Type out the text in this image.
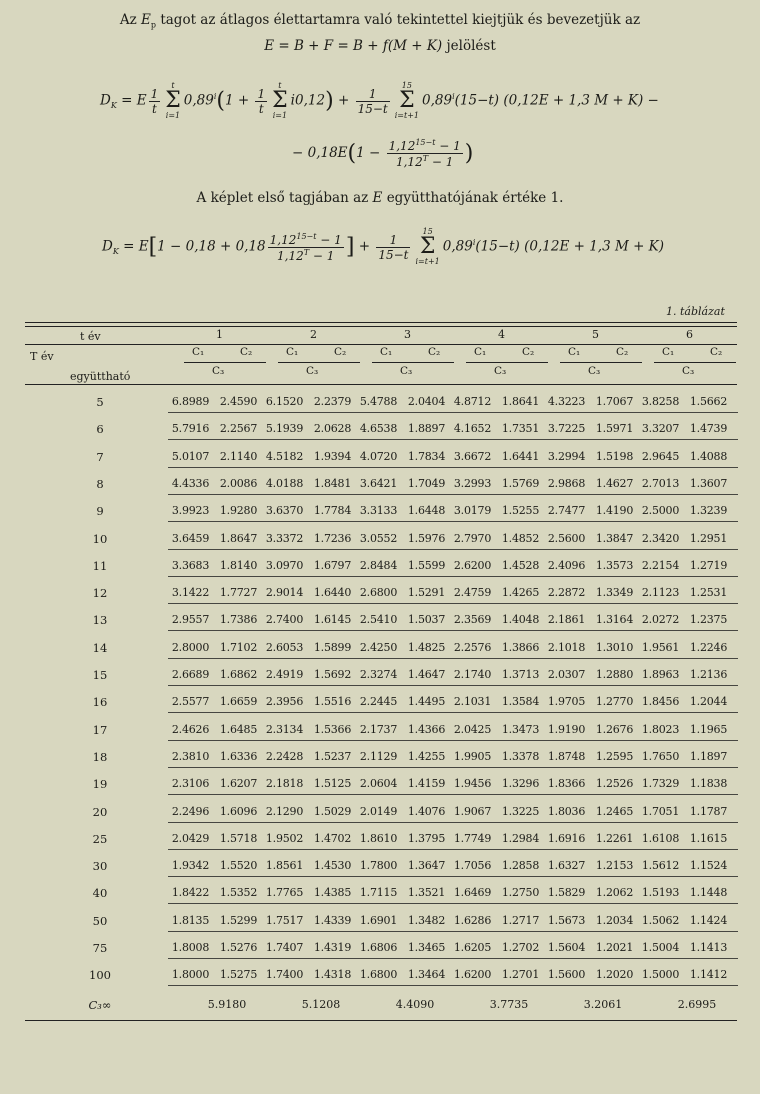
Az $E_p$ tagot az átlagos élettartamra való tekintettel kiejtjük és bevezetjük az
E = B + F = B + f(M + K) jelölést
$D_K = E \frac{1}{t}$
t
Σ
i=1
$0,89^i(1 + \frac{1}{t}$
t
Σ
i=1
$i0,12) + \frac{1}{15-t}$
15
Σ
i=t+1
$0,89^i(15-t) (0,12E + 1,3$ M + K) −
− $0,18E(1 - \frac{1,12^{15-t} - 1}{1,12^T - 1}$ )
A képlet első tagjában az E együtthatójának értéke 1.
$D_K = E[1 - 0,18 + 0,18 \frac{1,12^{15-t} - 1}{1,12^T - 1}$ ] + $\frac{1}{15-t}$
15
Σ
i=t+1
$0,89^i(15-t) (0,12E + 1,3$ M + K)
1. táblázat
t év
T év
együttható
1	2	3	4	5	6
C₁	C₂
C₃
C₁	C₂
C₃
C₁	C₂
C₃
C₁	C₂
C₃
C₁	C₂
C₃
C₁	C₂
C₃
5	6.8989 2.4590 6.1520 2.2379 5.4788 2.0404 4.8712 1.8641 4.3223 1.7067 3.8258 1.5662
6	5.7916 2.2567 5.1939 2.0628 4.6538 1.8897 4.1652 1.7351 3.7225 1.5971 3.3207 1.4739
7	5.0107 2.1140 4.5182 1.9394 4.0720 1.7834 3.6672 1.6441 3.2994 1.5198 2.9645 1.4088
8	4.4336 2.0086 4.0188 1.8481 3.6421 1.7049 3.2993 1.5769 2.9868 1.4627 2.7013 1.3607
9	3.9923 1.9280 3.6370 1.7784 3.3133 1.6448 3.0179 1.5255 2.7477 1.4190 2.5000 1.3239
10	3.6459 1.8647 3.3372 1.7236 3.0552 1.5976 2.7970 1.4852 2.5600 1.3847 2.3420 1.2951
11	3.3683 1.8140 3.0970 1.6797 2.8484 1.5599 2.6200 1.4528 2.4096 1.3573 2.2154 1.2719
12	3.1422 1.7727 2.9014 1.6440 2.6800 1.5291 2.4759 1.4265 2.2872 1.3349 2.1123 1.2531
13	2.9557 1.7386 2.7400 1.6145 2.5410 1.5037 2.3569 1.4048 2.1861 1.3164 2.0272 1.2375
14	2.8000 1.7102 2.6053 1.5899 2.4250 1.4825 2.2576 1.3866 2.1018 1.3010 1.9561 1.2246
15	2.6689 1.6862 2.4919 1.5692 2.3274 1.4647 2.1740 1.3713 2.0307 1.2880 1.8963 1.2136
16	2.5577 1.6659 2.3956 1.5516 2.2445 1.4495 2.1031 1.3584 1.9705 1.2770 1.8456 1.2044
17	2.4626 1.6485 2.3134 1.5366 2.1737 1.4366 2.0425 1.3473 1.9190 1.2676 1.8023 1.1965
18	2.3810 1.6336 2.2428 1.5237 2.1129 1.4255 1.9905 1.3378 1.8748 1.2595 1.7650 1.1897
19	2.3106 1.6207 2.1818 1.5125 2.0604 1.4159 1.9456 1.3296 1.8366 1.2526 1.7329 1.1838
20	2.2496 1.6096 2.1290 1.5029 2.0149 1.4076 1.9067 1.3225 1.8036 1.2465 1.7051 1.1787
25	2.0429 1.5718 1.9502 1.4702 1.8610 1.3795 1.7749 1.2984 1.6916 1.2261 1.6108 1.1615
30	1.9342 1.5520 1.8561 1.4530 1.7800 1.3647 1.7056 1.2858 1.6327 1.2153 1.5612 1.1524
40	1.8422 1.5352 1.7765 1.4385 1.7115 1.3521 1.6469 1.2750 1.5829 1.2062 1.5193 1.1448
50	1.8135 1.5299 1.7517 1.4339 1.6901 1.3482 1.6286 1.2717 1.5673 1.2034 1.5062 1.1424
75	1.8008 1.5276 1.7407 1.4319 1.6806 1.3465 1.6205 1.2702 1.5604 1.2021 1.5004 1.1413
100	1.8000 1.5275 1.7400 1.4318 1.6800 1.3464 1.6200 1.2701 1.5600 1.2020 1.5000 1.1412
C₃∞	5.9180	5.1208	4.4090	3.7735	3.2061	2.6995
